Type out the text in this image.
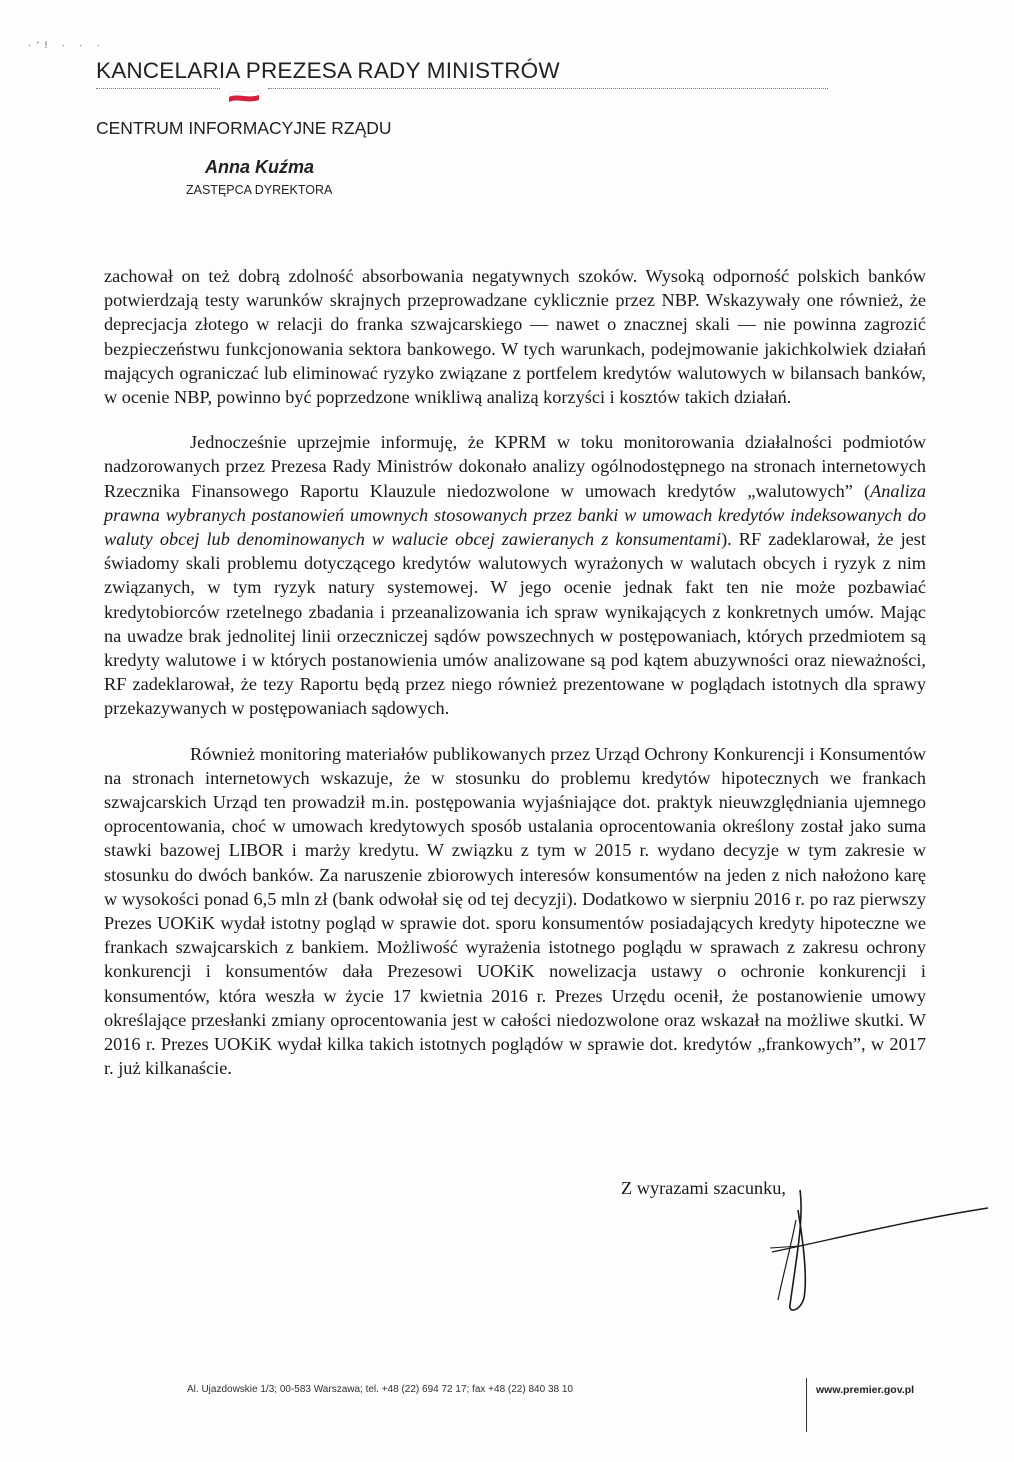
·'! · · ·
KANCELARIA PREZESA RADY MINISTRÓW
CENTRUM INFORMACYJNE RZĄDU
Anna Kuźma
ZASTĘPCA DYREKTORA

zachował on też dobrą zdolność absorbowania negatywnych szoków. Wysoką odporność polskich banków potwierdzają testy warunków skrajnych przeprowadzane cyklicznie przez NBP. Wskazywały one również, że deprecjacja złotego w relacji do franka szwajcarskiego — nawet o znacznej skali — nie powinna zagrozić bezpieczeństwu funkcjonowania sektora bankowego. W tych warunkach, podejmowanie jakichkolwiek działań mających ograniczać lub eliminować ryzyko związane z portfelem kredytów walutowych w bilansach banków, w ocenie NBP, powinno być poprzedzone wnikliwą analizą korzyści i kosztów takich działań.

Jednocześnie uprzejmie informuję, że KPRM w toku monitorowania działalności podmiotów nadzorowanych przez Prezesa Rady Ministrów dokonało analizy ogólnodostępnego na stronach internetowych Rzecznika Finansowego Raportu Klauzule niedozwolone w umowach kredytów „walutowych” (Analiza prawna wybranych postanowień umownych stosowanych przez banki w umowach kredytów indeksowanych do waluty obcej lub denominowanych w walucie obcej zawieranych z konsumentami). RF zadeklarował, że jest świadomy skali problemu dotyczącego kredytów walutowych wyrażonych w walutach obcych i ryzyk z nim związanych, w tym ryzyk natury systemowej. W jego ocenie jednak fakt ten nie może pozbawiać kredytobiorców rzetelnego zbadania i przeanalizowania ich spraw wynikających z konkretnych umów. Mając na uwadze brak jednolitej linii orzeczniczej sądów powszechnych w postępowaniach, których przedmiotem są kredyty walutowe i w których postanowienia umów analizowane są pod kątem abuzywności oraz nieważności, RF zadeklarował, że tezy Raportu będą przez niego również prezentowane w poglądach istotnych dla sprawy przekazywanych w postępowaniach sądowych.

Również monitoring materiałów publikowanych przez Urząd Ochrony Konkurencji i Konsumentów na stronach internetowych wskazuje, że w stosunku do problemu kredytów hipotecznych we frankach szwajcarskich Urząd ten prowadził m.in. postępowania wyjaśniające dot. praktyk nieuwzględniania ujemnego oprocentowania, choć w umowach kredytowych sposób ustalania oprocentowania określony został jako suma stawki bazowej LIBOR i marży kredytu. W związku z tym w 2015 r. wydano decyzje w tym zakresie w stosunku do dwóch banków. Za naruszenie zbiorowych interesów konsumentów na jeden z nich nałożono karę w wysokości ponad 6,5 mln zł (bank odwołał się od tej decyzji). Dodatkowo w sierpniu 2016 r. po raz pierwszy Prezes UOKiK wydał istotny pogląd w sprawie dot. sporu konsumentów posiadających kredyty hipoteczne we frankach szwajcarskich z bankiem. Możliwość wyrażenia istotnego poglądu w sprawach z zakresu ochrony konkurencji i konsumentów dała Prezesowi UOKiK nowelizacja ustawy o ochronie konkurencji i konsumentów, która weszła w życie 17 kwietnia 2016 r. Prezes Urzędu ocenił, że postanowienie umowy określające przesłanki zmiany oprocentowania jest w całości niedozwolone oraz wskazał na możliwe skutki. W 2016 r. Prezes UOKiK wydał kilka takich istotnych poglądów w sprawie dot. kredytów „frankowych”, w 2017 r. już kilkanaście.

Z wyrazami szacunku,
Al. Ujazdowskie 1/3; 00-583 Warszawa; tel. +48 (22) 694 72 17; fax +48 (22) 840 38 10	www.premier.gov.pl
